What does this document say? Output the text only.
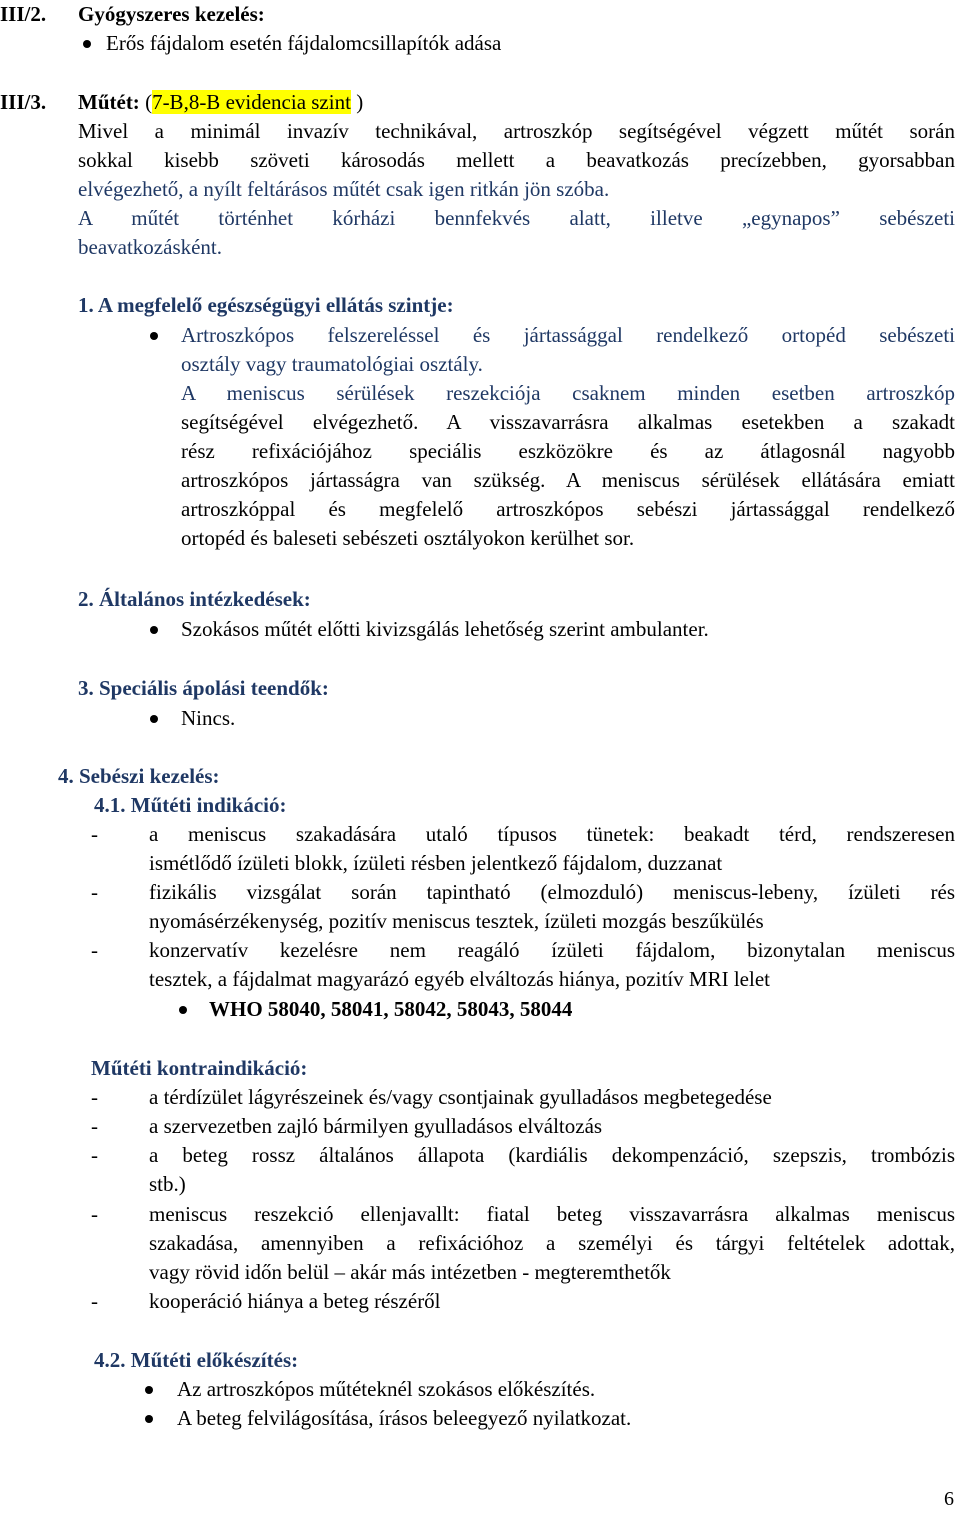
III/2. Gyógyszeres kezelés:
Erős fájdalom esetén fájdalomcsillapítók adása
III/3. Műtét: (7-B,8-B evidencia szint )
Mivel a minimál invazív technikával, artroszkóp segítségével végzett műtét során
sokkal kisebb szöveti károsodás mellett a beavatkozás precízebben, gyorsabban
elvégezhető, a nyílt feltárásos műtét csak igen ritkán jön szóba.
A műtét történhet kórházi bennfekvés alatt, illetve „egynapos” sebészeti
beavatkozásként.
1. A megfelelő egészségügyi ellátás szintje:
Artroszkópos felszereléssel és jártassággal rendelkező ortopéd sebészeti
osztály vagy traumatológiai osztály.
A meniscus sérülések reszekciója csaknem minden esetben artroszkóp
segítségével elvégezhető. A visszavarrásra alkalmas esetekben a szakadt
rész refixációjához speciális eszközökre és az átlagosnál nagyobb
artroszkópos jártasságra van szükség. A meniscus sérülések ellátására emiatt
artroszkóppal és megfelelő artroszkópos sebészi jártassággal rendelkező
ortopéd és baleseti sebészeti osztályokon kerülhet sor.
2. Általános intézkedések:
Szokásos műtét előtti kivizsgálás lehetőség szerint ambulanter.
3. Speciális ápolási teendők:
Nincs.
4. Sebészi kezelés:
4.1. Műtéti indikáció:
- a meniscus szakadására utaló típusos tünetek: beakadt térd, rendszeresen
ismétlődő ízületi blokk, ízületi résben jelentkező fájdalom, duzzanat
- fizikális vizsgálat során tapintható (elmozduló) meniscus-lebeny, ízületi rés
nyomásérzékenység, pozitív meniscus tesztek, ízületi mozgás beszűkülés
- konzervatív kezelésre nem reagáló ízületi fájdalom, bizonytalan meniscus
tesztek, a fájdalmat magyarázó egyéb elváltozás hiánya, pozitív MRI lelet
WHO 58040, 58041, 58042, 58043, 58044
Műtéti kontraindikáció:
- a térdízület lágyrészeinek és/vagy csontjainak gyulladásos megbetegedése
- a szervezetben zajló bármilyen gyulladásos elváltozás
- a beteg rossz általános állapota (kardiális dekompenzáció, szepszis, trombózis
stb.)
- meniscus reszekció ellenjavallt: fiatal beteg visszavarrásra alkalmas meniscus
szakadása, amennyiben a refixációhoz a személyi és tárgyi feltételek adottak,
vagy rövid időn belül – akár más intézetben - megteremthetők
- kooperáció hiánya a beteg részéről
4.2. Műtéti előkészítés:
Az artroszkópos műtéteknél szokásos előkészítés.
A beteg felvilágosítása, írásos beleegyező nyilatkozat.
6
